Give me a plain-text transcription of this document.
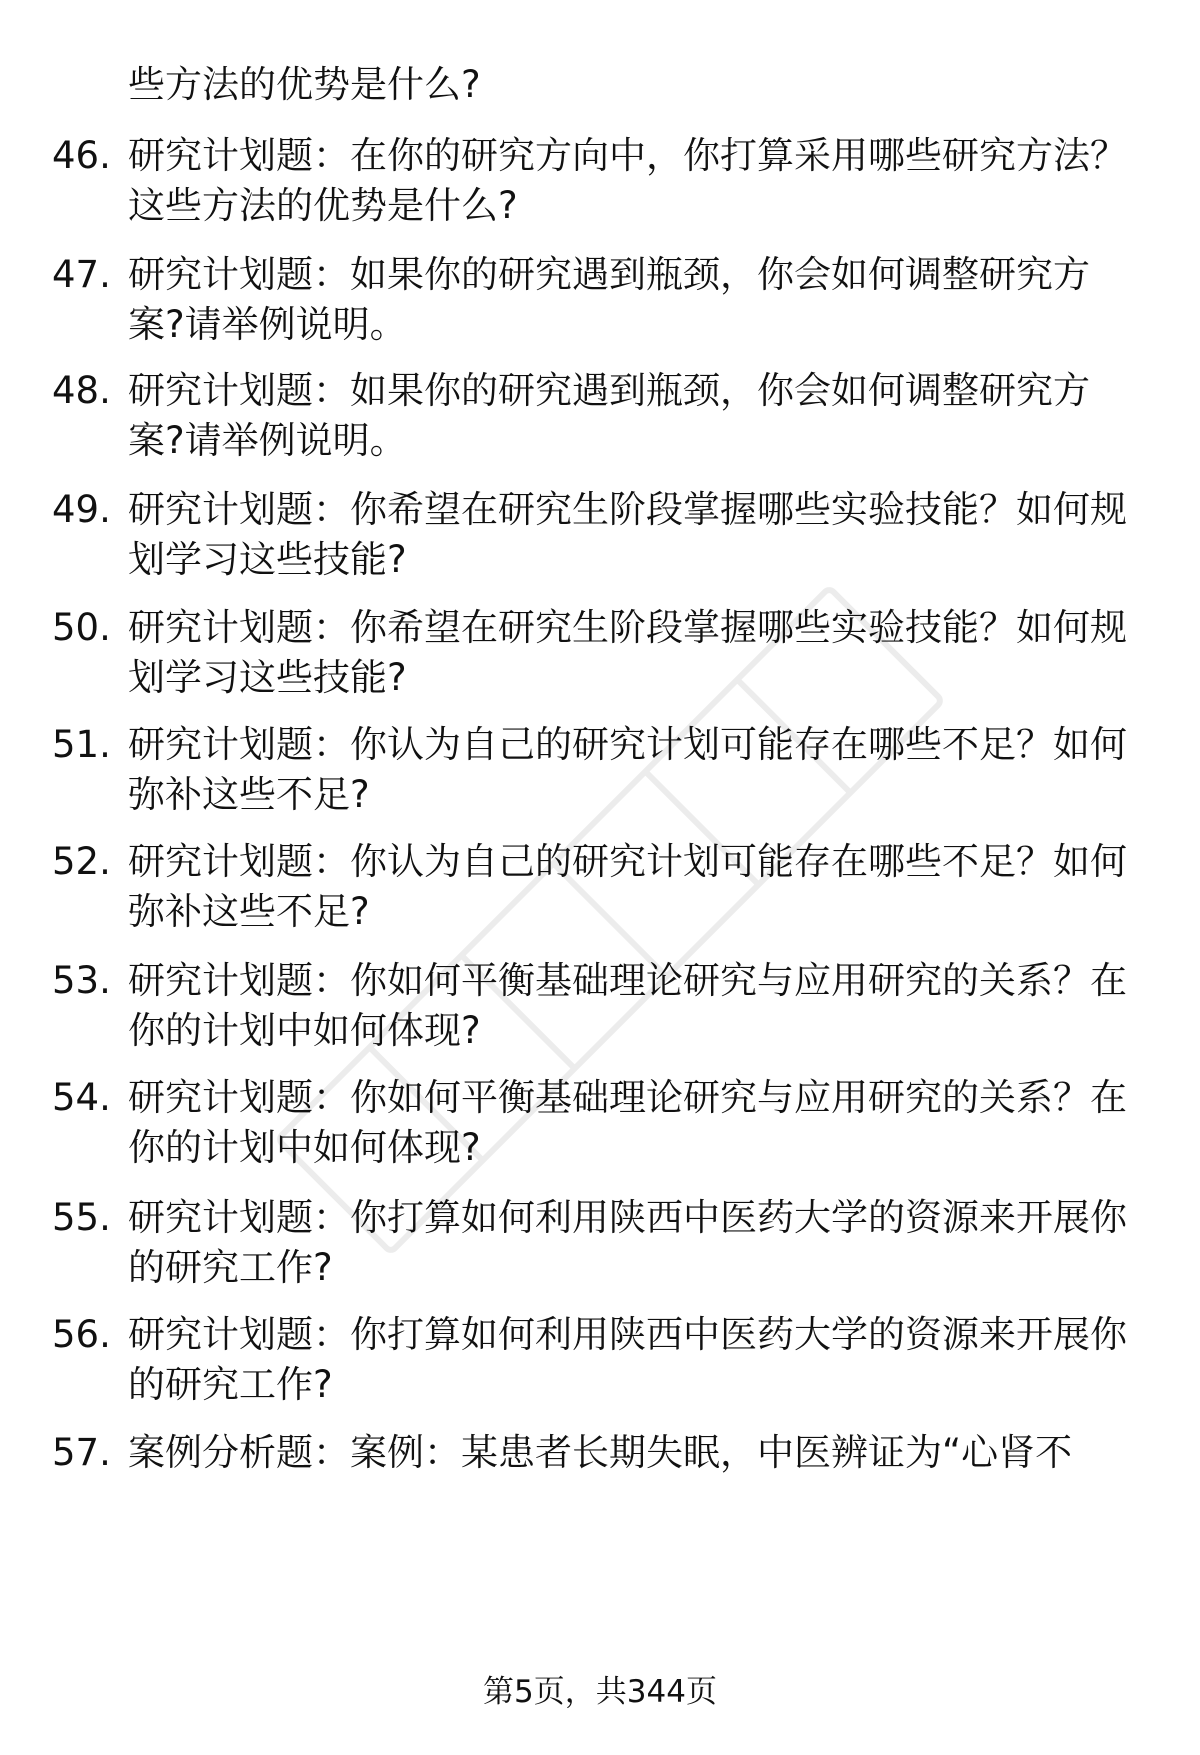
些方法的优势是什么?

46. 研究计划题：在你的研究方向中，你打算采用哪些研究方法？这些方法的优势是什么?

47. 研究计划题：如果你的研究遇到瓶颈，你会如何调整研究方案?请举例说明。

48. 研究计划题：如果你的研究遇到瓶颈，你会如何调整研究方案?请举例说明。

49. 研究计划题：你希望在研究生阶段掌握哪些实验技能？如何规划学习这些技能?

50. 研究计划题：你希望在研究生阶段掌握哪些实验技能？如何规划学习这些技能?

51. 研究计划题：你认为自己的研究计划可能存在哪些不足？如何弥补这些不足?

52. 研究计划题：你认为自己的研究计划可能存在哪些不足？如何弥补这些不足?

53. 研究计划题：你如何平衡基础理论研究与应用研究的关系？在你的计划中如何体现?

54. 研究计划题：你如何平衡基础理论研究与应用研究的关系？在你的计划中如何体现?

55. 研究计划题：你打算如何利用陕西中医药大学的资源来开展你的研究工作?

56. 研究计划题：你打算如何利用陕西中医药大学的资源来开展你的研究工作?

57. 案例分析题：案例：某患者长期失眠，中医辨证为“心肾不

第5页，共344页
